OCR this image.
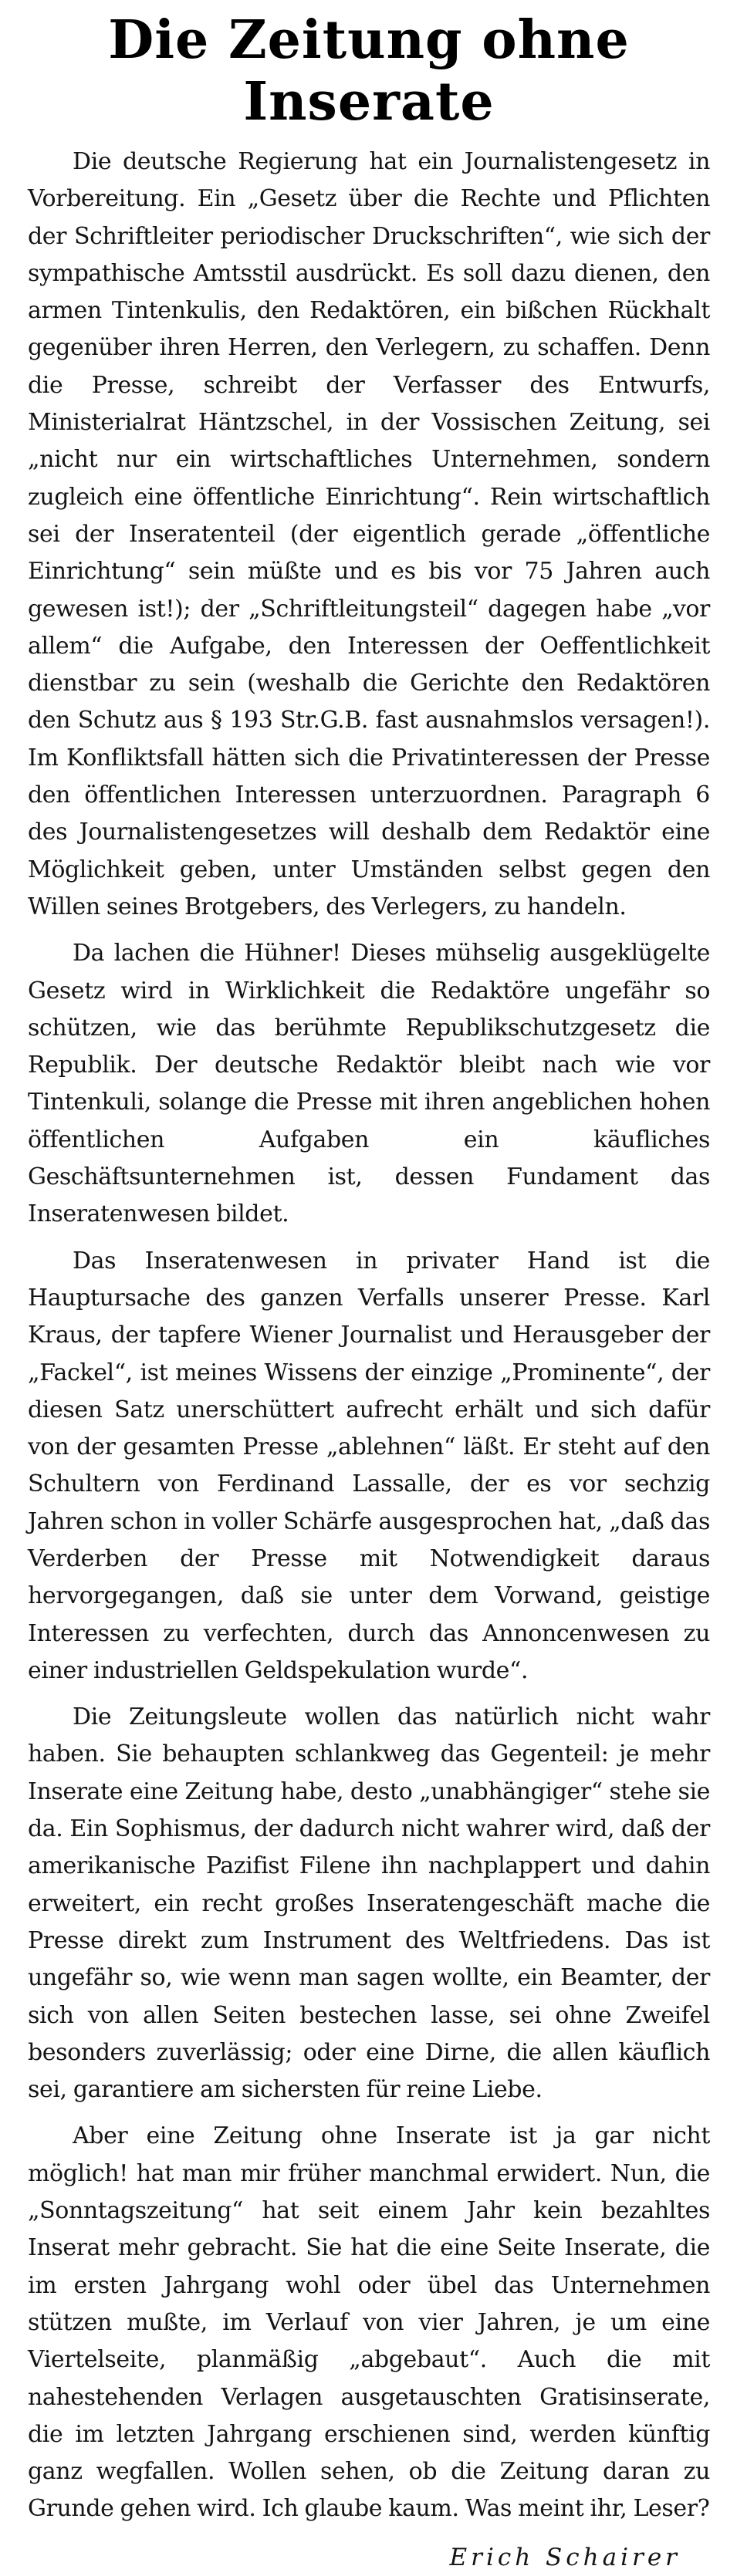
Die Zeitung ohne Inserate

Die deutsche Regierung hat ein Journalistengesetz in Vorbereitung. Ein „Gesetz über die Rechte und Pflichten der Schriftleiter periodischer Druckschriften“, wie sich der sympathische Amtsstil ausdrückt. Es soll dazu dienen, den armen Tintenkulis, den Redaktören, ein bißchen Rückhalt gegenüber ihren Herren, den Verlegern, zu schaffen. Denn die Presse, schreibt der Verfasser des Entwurfs, Ministerialrat Häntzschel, in der Vossischen Zeitung, sei „nicht nur ein wirtschaftliches Unternehmen, sondern zugleich eine öffentliche Einrichtung“. Rein wirtschaftlich sei der Inseratenteil (der eigentlich gerade „öffentliche Einrichtung“ sein müßte und es bis vor 75 Jahren auch gewesen ist!); der „Schriftleitungsteil“ dagegen habe „vor allem“ die Aufgabe, den Interessen der Oeffentlichkeit dienstbar zu sein (weshalb die Gerichte den Redaktören den Schutz aus § 193 Str.G.B. fast ausnahmslos versagen!). Im Konfliktsfall hätten sich die Privatinteressen der Presse den öffentlichen Interessen unterzuordnen. Paragraph 6 des Journalistengesetzes will deshalb dem Redaktör eine Möglichkeit geben, unter Umständen selbst gegen den Willen seines Brotgebers, des Verlegers, zu handeln.

Da lachen die Hühner! Dieses mühselig ausgeklügelte Gesetz wird in Wirklichkeit die Redaktöre ungefähr so schützen, wie das berühmte Republikschutzgesetz die Republik. Der deutsche Redaktör bleibt nach wie vor Tintenkuli, solange die Presse mit ihren angeblichen hohen öffentlichen Aufgaben ein käufliches Geschäftsunternehmen ist, dessen Fundament das Inseratenwesen bildet.

Das Inseratenwesen in privater Hand ist die Hauptursache des ganzen Verfalls unserer Presse. Karl Kraus, der tapfere Wiener Journalist und Herausgeber der „Fackel“, ist meines Wissens der einzige „Prominente“, der diesen Satz unerschüttert aufrecht erhält und sich dafür von der gesamten Presse „ablehnen“ läßt. Er steht auf den Schultern von Ferdinand Lassalle, der es vor sechzig Jahren schon in voller Schärfe ausgesprochen hat, „daß das Verderben der Presse mit Notwendigkeit daraus hervorgegangen, daß sie unter dem Vorwand, geistige Interessen zu verfechten, durch das Annoncenwesen zu einer industriellen Geldspekulation wurde“.

Die Zeitungsleute wollen das natürlich nicht wahr haben. Sie behaupten schlankweg das Gegenteil: je mehr Inserate eine Zeitung habe, desto „unabhängiger“ stehe sie da. Ein Sophismus, der dadurch nicht wahrer wird, daß der amerikanische Pazifist Filene ihn nachplappert und dahin erweitert, ein recht großes Inseratengeschäft mache die Presse direkt zum Instrument des Weltfriedens. Das ist ungefähr so, wie wenn man sagen wollte, ein Beamter, der sich von allen Seiten bestechen lasse, sei ohne Zweifel besonders zuverlässig; oder eine Dirne, die allen käuflich sei, garantiere am sichersten für reine Liebe.

Aber eine Zeitung ohne Inserate ist ja gar nicht möglich! hat man mir früher manchmal erwidert. Nun, die „Sonntagszeitung“ hat seit einem Jahr kein bezahltes Inserat mehr gebracht. Sie hat die eine Seite Inserate, die im ersten Jahrgang wohl oder übel das Unternehmen stützen mußte, im Verlauf von vier Jahren, je um eine Viertelseite, planmäßig „abgebaut“. Auch die mit nahestehenden Verlagen ausgetauschten Gratisinserate, die im letzten Jahrgang erschienen sind, werden künftig ganz wegfallen. Wollen sehen, ob die Zeitung daran zu Grunde gehen wird. Ich glaube kaum. Was meint ihr, Leser?

Erich Schairer
